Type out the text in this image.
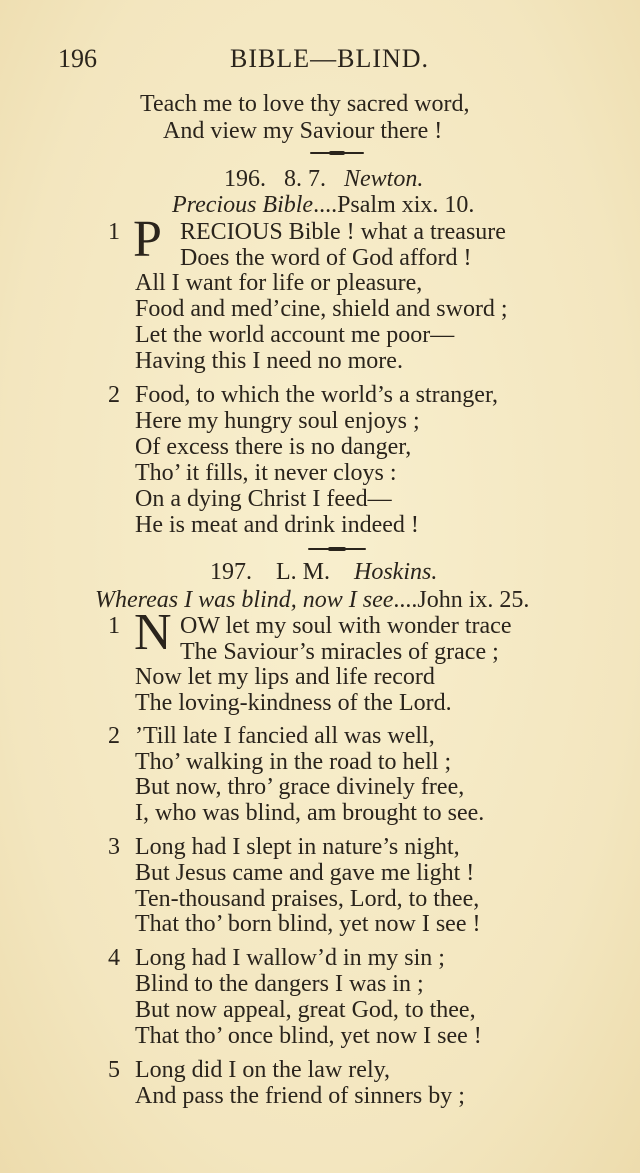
196	BIBLE—BLIND.
Teach me to love thy sacred word,
And view my Saviour there !
196. 8. 7. Newton.
Precious Bible....Psalm xix. 10.
1 P RECIOUS Bible ! what a treasure
Does the word of God afford !
All I want for life or pleasure,
Food and med’cine, shield and sword ;
Let the world account me poor—
Having this I need no more.
2 Food, to which the world’s a stranger,
Here my hungry soul enjoys ;
Of excess there is no danger,
Tho’ it fills, it never cloys :
On a dying Christ I feed—
He is meat and drink indeed !
197. L. M. Hoskins.
Whereas I was blind, now I see....John ix. 25.
1 N OW let my soul with wonder trace
The Saviour’s miracles of grace ;
Now let my lips and life record
The loving-kindness of the Lord.
2 ’Till late I fancied all was well,
Tho’ walking in the road to hell ;
But now, thro’ grace divinely free,
I, who was blind, am brought to see.
3 Long had I slept in nature’s night,
But Jesus came and gave me light !
Ten-thousand praises, Lord, to thee,
That tho’ born blind, yet now I see !
4 Long had I wallow’d in my sin ;
Blind to the dangers I was in ;
But now appeal, great God, to thee,
That tho’ once blind, yet now I see !
5 Long did I on the law rely,
And pass the friend of sinners by ;
